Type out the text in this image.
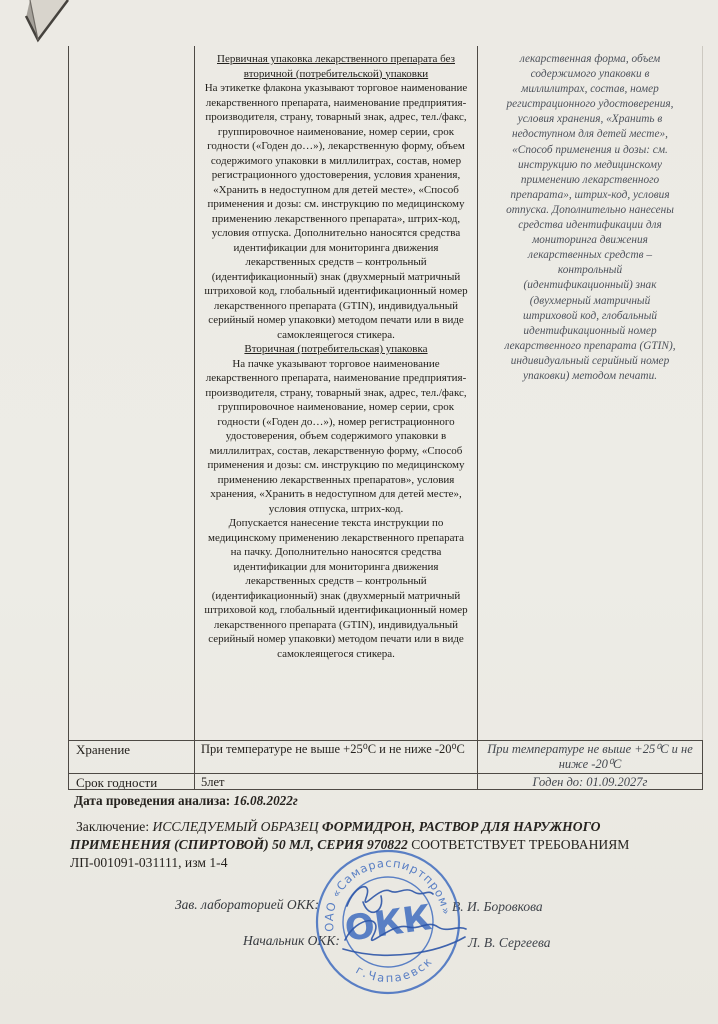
Первичная упаковка лекарственного препарата без вторичной (потребительской) упаковки

На этикетке флакона указывают торговое наименование лекарственного препарата, наименование предприятия-производителя, страну, товарный знак, адрес, тел./факс, группировочное наименование, номер серии, срок годности («Годен до…»), лекарственную форму, объем содержимого упаковки в миллилитрах, состав, номер регистрационного удостоверения, условия хранения, «Хранить в недоступном для детей месте», «Способ применения и дозы: см. инструкцию по медицинскому применению лекарственного препарата», штрих-код, условия отпуска. Дополнительно наносятся средства идентификации для мониторинга движения лекарственных средств – контрольный (идентификационный) знак (двухмерный матричный штриховой код, глобальный идентификационный номер лекарственного препарата (GTIN), индивидуальный серийный номер упаковки) методом печати или в виде самоклеящегося стикера.

Вторичная (потребительская) упаковка

На пачке указывают торговое наименование лекарственного препарата, наименование предприятия-производителя, страну, товарный знак, адрес, тел./факс, группировочное наименование, номер серии, срок годности («Годен до…»), номер регистрационного удостоверения, объем содержимого упаковки в миллилитрах, состав, лекарственную форму, «Способ применения и дозы: см. инструкцию по медицинскому применению лекарственных препаратов», условия хранения, «Хранить в недоступном для детей месте», условия отпуска, штрих-код.

Допускается нанесение текста инструкции по медицинскому применению лекарственного препарата на пачку. Дополнительно наносятся средства идентификации для мониторинга движения лекарственных средств – контрольный (идентификационный) знак (двухмерный матричный штриховой код, глобальный идентификационный номер лекарственного препарата (GTIN), индивидуальный серийный номер упаковки) методом печати или в виде самоклеящегося стикера.

лекарственная форма, объем содержимого упаковки в миллилитрах, состав, номер регистрационного удостоверения, условия хранения, «Хранить в недоступном для детей месте», «Способ применения и дозы: см. инструкцию по медицинскому применению лекарственного препарата», штрих-код, условия отпуска. Дополнительно нанесены средства идентификации для мониторинга движения лекарственных средств – контрольный (идентификационный) знак (двухмерный матричный штриховой код, глобальный идентификационный номер лекарственного препарата (GTIN), индивидуальный серийный номер упаковки) методом печати.

Хранение	При температуре не выше +25⁰С и не ниже -20⁰С	При температуре не выше +25⁰С и не ниже -20⁰С
Срок годности	5лет	Годен до: 01.09.2027г
Дата проведения анализа: 16.08.2022г
Заключение: ИССЛЕДУЕМЫЙ ОБРАЗЕЦ ФОРМИДРОН, РАСТВОР ДЛЯ НАРУЖНОГО ПРИМЕНЕНИЯ (СПИРТОВОЙ) 50 МЛ, СЕРИЯ 970822 СООТВЕТСТВУЕТ ТРЕБОВАНИЯМ ЛП-001091-031111, изм 1-4
Зав. лабораторией ОКК:	В. И. Боровкова
Начальник ОКК:	Л. В. Сергеева
ОАО «Самараспиртпром»
г.Чапаевск
ОКК
